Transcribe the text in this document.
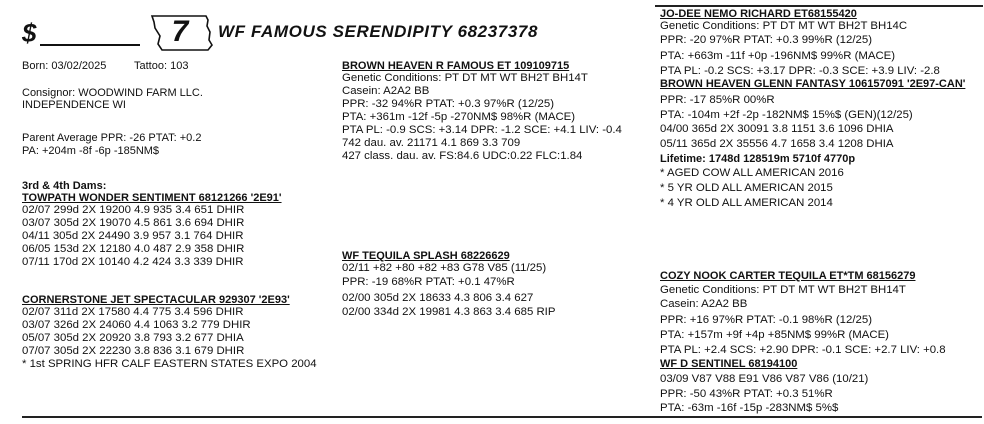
$	7	WF FAMOUS SERENDIPITY 68237378
Born: 03/02/2025	Tattoo: 103
Consignor: WOODWIND FARM LLC.
INDEPENDENCE WI
Parent Average PPR: -26 PTAT: +0.2
PA: +204m -8f -6p -185NM$
3rd & 4th Dams:
TOWPATH WONDER SENTIMENT 68121266 '2E91'
02/07 299d 2X 19200 4.9 935 3.4 651 DHIR
03/07 305d 2X 19070 4.5 861 3.6 694 DHIR
04/11 305d 2X 24490 3.9 957 3.1 764 DHIR
06/05 153d 2X 12180 4.0 487 2.9 358 DHIR
07/11 170d 2X 10140 4.2 424 3.3 339 DHIR
CORNERSTONE JET SPECTACULAR 929307 '2E93'
02/07 311d 2X 17580 4.4 775 3.4 596 DHIR
03/07 326d 2X 24060 4.4 1063 3.2 779 DHIR
05/07 305d 2X 20920 3.8 793 3.2 677 DHIA
07/07 305d 2X 22230 3.8 836 3.1 679 DHIR
* 1st SPRING HFR CALF EASTERN STATES EXPO 2004
BROWN HEAVEN R FAMOUS ET 109109715
Genetic Conditions: PT DT MT WT BH2T BH14T
Casein: A2A2 BB
PPR: -32 94%R PTAT: +0.3 97%R (12/25)
PTA: +361m -12f -5p -270NM$ 98%R (MACE)
PTA PL: -0.9 SCS: +3.14 DPR: -1.2 SCE: +4.1 LIV: -0.4
742 dau. av. 21171 4.1 869 3.3 709
427 class. dau. av. FS:84.6 UDC:0.22 FLC:1.84
WF TEQUILA SPLASH 68226629
02/11 +82 +80 +82 +83 G78 V85 (11/25)
PPR: -19 68%R PTAT: +0.1 47%R
02/00 305d 2X 18633 4.3 806 3.4 627
02/00 334d 2X 19981 4.3 863 3.4 685 RIP
JO-DEE NEMO RICHARD ET68155420
Genetic Conditions: PT DT MT WT BH2T BH14C
PPR: -20 97%R PTAT: +0.3 99%R (12/25)
PTA: +663m -11f +0p -196NM$ 99%R (MACE)
PTA PL: -0.2 SCS: +3.17 DPR: -0.3 SCE: +3.9 LIV: -2.8
BROWN HEAVEN GLENN FANTASY 106157091 '2E97-CAN'
PPR: -17 85%R 00%R
PTA: -104m +2f -2p -182NM$ 15%$ (GEN)(12/25)
04/00 365d 2X 30091 3.8 1151 3.6 1096 DHIA
05/11 365d 2X 35556 4.7 1658 3.4 1208 DHIA
Lifetime: 1748d 128519m 5710f 4770p
* AGED COW ALL AMERICAN 2016
* 5 YR OLD ALL AMERICAN 2015
* 4 YR OLD ALL AMERICAN 2014
COZY NOOK CARTER TEQUILA ET*TM 68156279
Genetic Conditions: PT DT MT WT BH2T BH14T
Casein: A2A2 BB
PPR: +16 97%R PTAT: -0.1 98%R (12/25)
PTA: +157m +9f +4p +85NM$ 99%R (MACE)
PTA PL: +2.4 SCS: +2.90 DPR: -0.1 SCE: +2.7 LIV: +0.8
WF D SENTINEL 68194100
03/09 V87 V88 E91 V86 V87 V86 (10/21)
PPR: -50 43%R PTAT: +0.3 51%R
PTA: -63m -16f -15p -283NM$ 5%$
